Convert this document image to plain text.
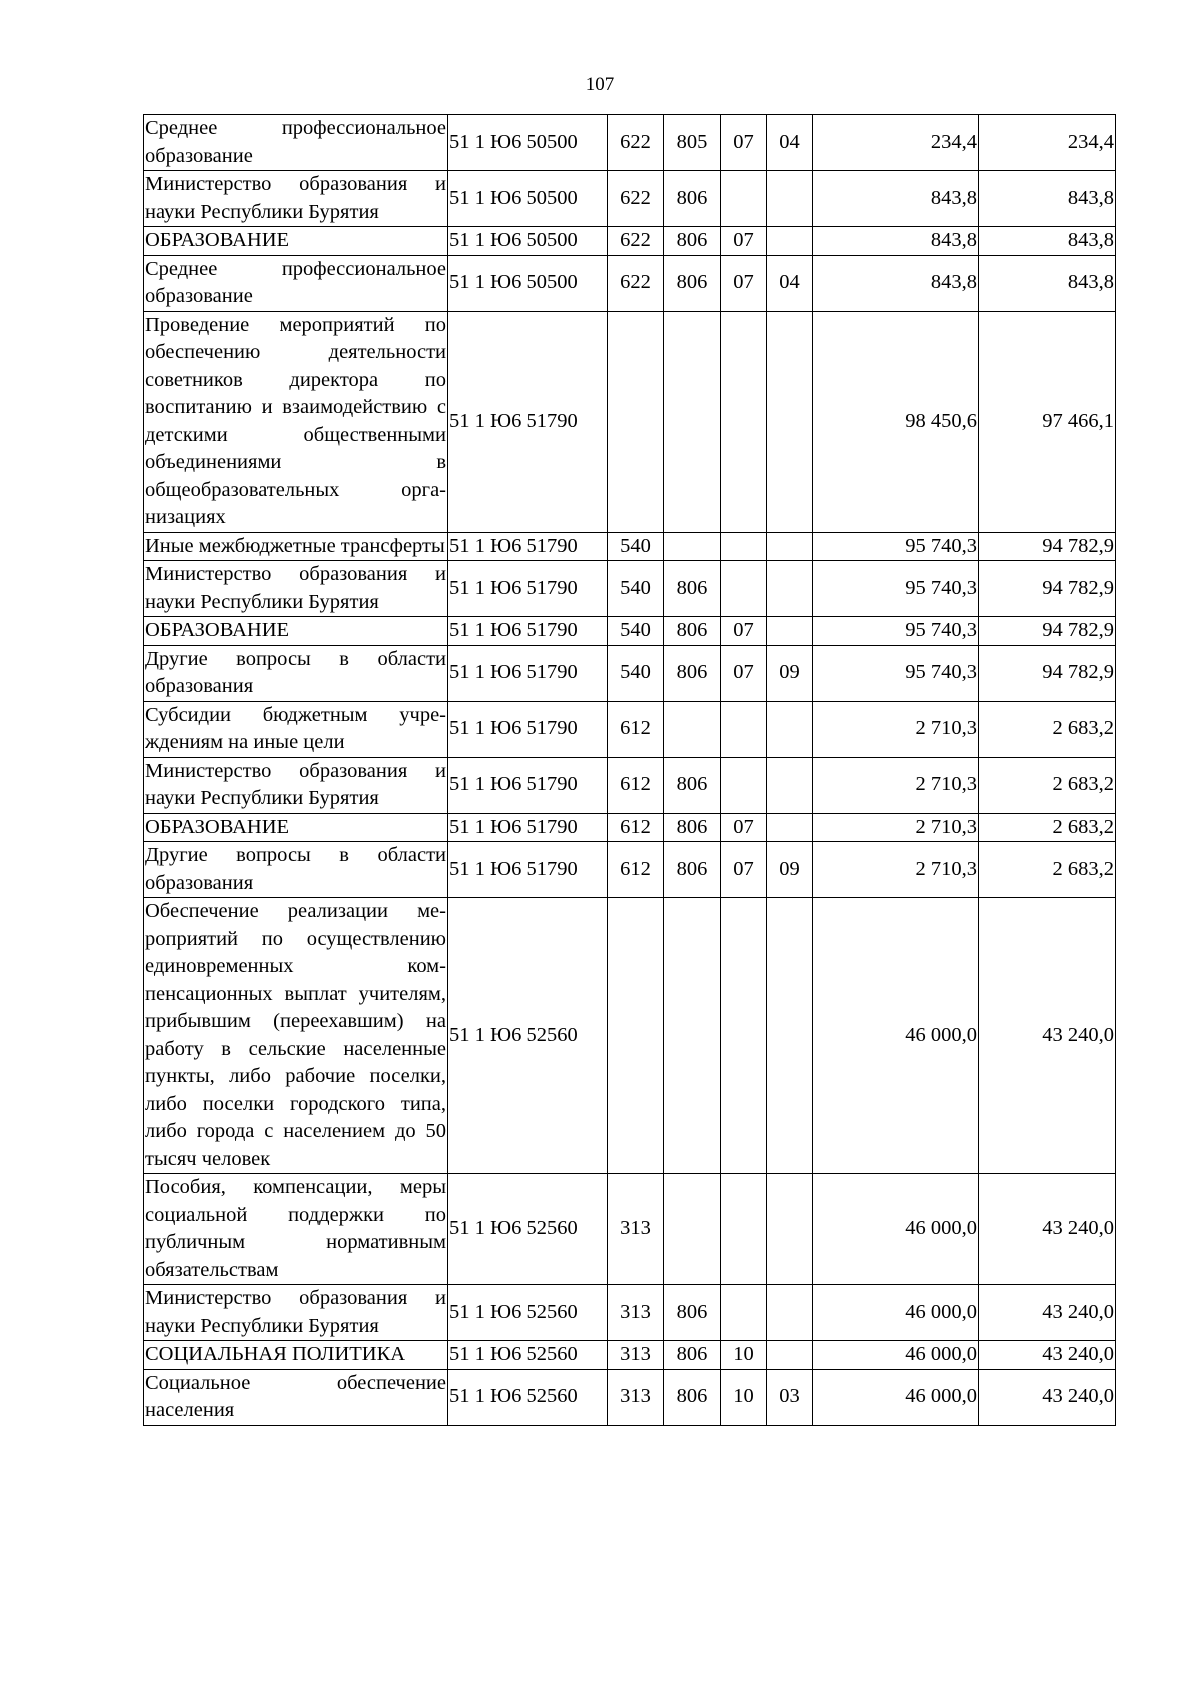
107
Среднее профессиональное образование	51 1 Ю6 50500	622	805	07	04	234,4	234,4
Министерство образования и науки Республики Бурятия	51 1 Ю6 50500	622	806			843,8	843,8
ОБРАЗОВАНИЕ	51 1 Ю6 50500	622	806	07		843,8	843,8
Среднее профессиональное образование	51 1 Ю6 50500	622	806	07	04	843,8	843,8
Проведение мероприятий по обеспечению деятельности советников директора по воспитанию и взаимодействию с детскими общественными объединениями в общеобразовательных организациях	51 1 Ю6 51790					98 450,6	97 466,1
Иные межбюджетные трансферты	51 1 Ю6 51790	540				95 740,3	94 782,9
Министерство образования и науки Республики Бурятия	51 1 Ю6 51790	540	806			95 740,3	94 782,9
ОБРАЗОВАНИЕ	51 1 Ю6 51790	540	806	07		95 740,3	94 782,9
Другие вопросы в области образования	51 1 Ю6 51790	540	806	07	09	95 740,3	94 782,9
Субсидии бюджетным учреждениям на иные цели	51 1 Ю6 51790	612				2 710,3	2 683,2
Министерство образования и науки Республики Бурятия	51 1 Ю6 51790	612	806			2 710,3	2 683,2
ОБРАЗОВАНИЕ	51 1 Ю6 51790	612	806	07		2 710,3	2 683,2
Другие вопросы в области образования	51 1 Ю6 51790	612	806	07	09	2 710,3	2 683,2
Обеспечение реализации мероприятий по осуществлению единовременных компенсационных выплат учителям, прибывшим (переехавшим) на работу в сельские населенные пункты, либо рабочие поселки, либо поселки городского типа, либо города с населением до 50 тысяч человек	51 1 Ю6 52560					46 000,0	43 240,0
Пособия, компенсации, меры социальной поддержки по публичным нормативным обязательствам	51 1 Ю6 52560	313				46 000,0	43 240,0
Министерство образования и науки Республики Бурятия	51 1 Ю6 52560	313	806			46 000,0	43 240,0
СОЦИАЛЬНАЯ ПОЛИТИКА	51 1 Ю6 52560	313	806	10		46 000,0	43 240,0
Социальное обеспечение населения	51 1 Ю6 52560	313	806	10	03	46 000,0	43 240,0
